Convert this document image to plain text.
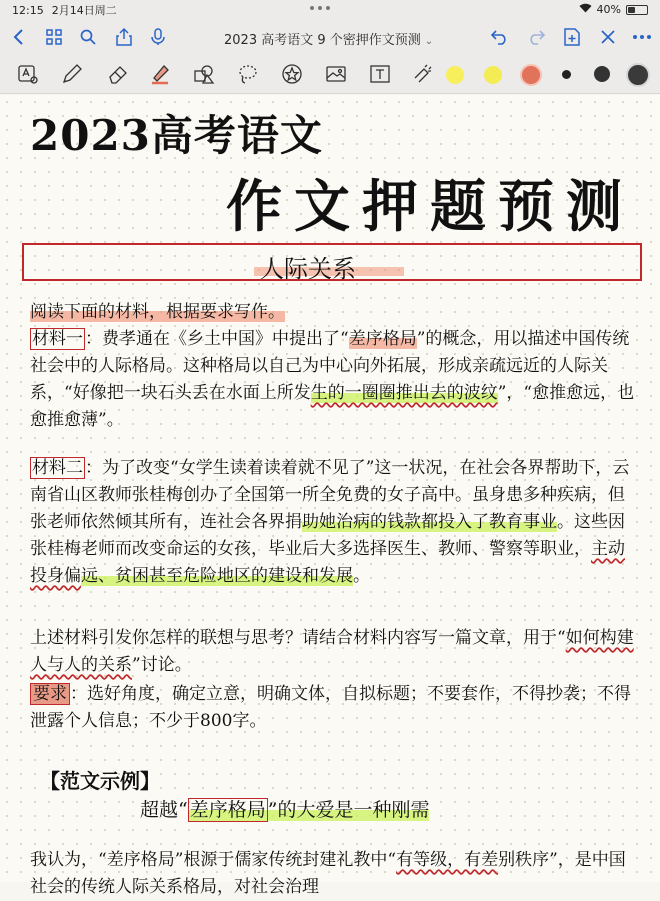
12:15 2月14日周二	40%
2023 高考语文 9 个密押作文预测 ⌄
2023高考语文
作文押题预测
人际关系
阅读下面的材料，根据要求写作。
材料一 ：费孝通在《乡土中国》中提出了“差序格局”的概念，用以描述中国传统社会中的人际格局。这种格局以自己为中心向外拓展，形成亲疏远近的人际关系，“好像把一块石头丢在水面上所发生的一圈圈推出去的波纹”，“愈推愈远，也愈推愈薄”。
材料二 ：为了改变“女学生读着读着就不见了”这一状况，在社会各界帮助下，云南省山区教师张桂梅创办了全国第一所全免费的女子高中。虽身患多种疾病，但张老师依然倾其所有，连社会各界捐助她治病的钱款都投入了教育事业。这些因张桂梅老师而改变命运的女孩，毕业后大多选择医生、教师、警察等职业，主动投身偏远、贫困甚至危险地区的建设和发展。
上述材料引发你怎样的联想与思考？请结合材料内容写一篇文章，用于“如何构建人与人的关系”讨论。
要求 ：选好角度，确定立意，明确文体，自拟标题；不要套作，不得抄袭；不得泄露个人信息；不少于800字。
【范文示例】
超越“ 差序格局 ”的大爱是一种刚需
我认为，“差序格局”根源于儒家传统封建礼教中“有等级，有差别秩序”，是中国社会的传统人际关系格局，对社会治理
